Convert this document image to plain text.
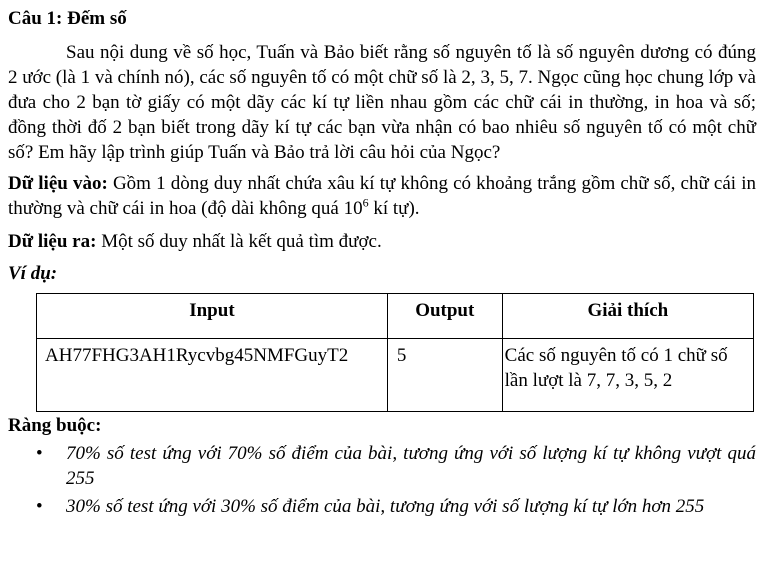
Câu 1: Đếm số

Sau nội dung về số học, Tuấn và Bảo biết rằng số nguyên tố là số nguyên dương có đúng 2 ước (là 1 và chính nó), các số nguyên tố có một chữ số là 2, 3, 5, 7. Ngọc cũng học chung lớp và đưa cho 2 bạn tờ giấy có một dãy các kí tự liền nhau gồm các chữ cái in thường, in hoa và số; đồng thời đố 2 bạn biết trong dãy kí tự các bạn vừa nhận có bao nhiêu số nguyên tố có một chữ số? Em hãy lập trình giúp Tuấn và Bảo trả lời câu hỏi của Ngọc?

Dữ liệu vào: Gồm 1 dòng duy nhất chứa xâu kí tự không có khoảng trắng gồm chữ số, chữ cái in thường và chữ cái in hoa (độ dài không quá $10^6$ kí tự).

Dữ liệu ra: Một số duy nhất là kết quả tìm được.

Ví dụ:
Input	Output	Giải thích
AH77FHG3AH1Rycvbg45NMFGuyT2	5	Các số nguyên tố có 1 chữ số lần lượt là 7, 7, 3, 5, 2
Ràng buộc:
• 70% số test ứng với 70% số điểm của bài, tương ứng với số lượng kí tự không vượt quá 255
• 30% số test ứng với 30% số điểm của bài, tương ứng với số lượng kí tự lớn hơn 255
